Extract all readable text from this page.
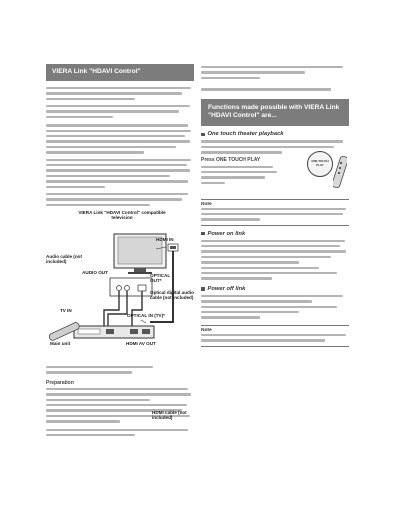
VIERA Link "HDAVI Control"
VIERA Link "HDAVI Control" compatible television
HDMI IN
Audio cable (not included)
AUDIO OUT
OPTICAL OUT*
Optical digital audio cable (not included)
TV IN
OPTICAL IN (TV)*
Main unit	HDMI AV OUT
HDMI cable (not included)
Preparation
Functions made possible with VIERA Link "HDAVI Control" are...
One touch theater playback
Press ONE TOUCH PLAY	ONE TOUCH PLAY
Note
Power on link
Power off link
Note
